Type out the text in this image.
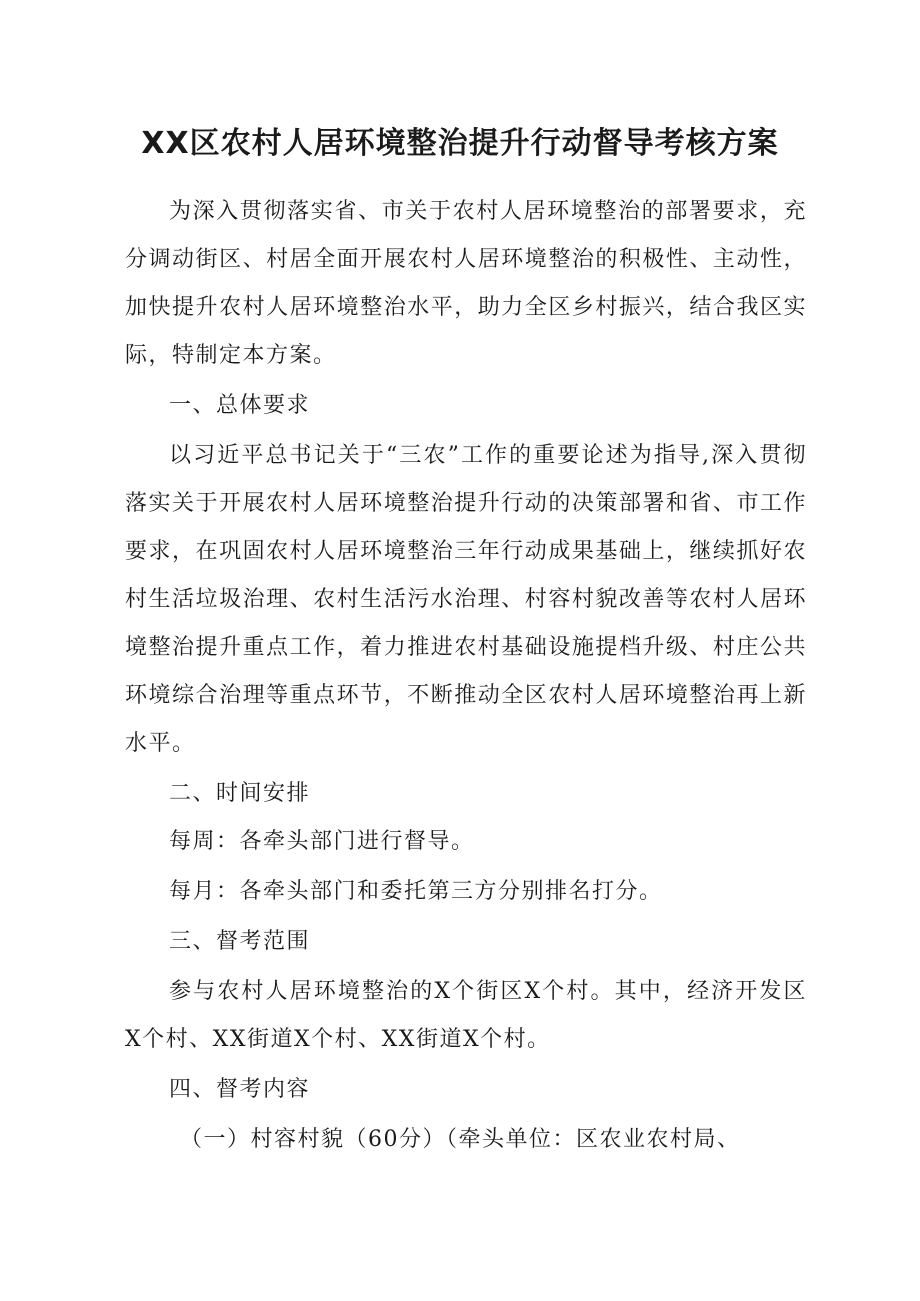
XX区农村人居环境整治提升行动督导考核方案

为深入贯彻落实省、市关于农村人居环境整治的部署要求，充分调动街区、村居全面开展农村人居环境整治的积极性、主动性，加快提升农村人居环境整治水平，助力全区乡村振兴，结合我区实际，特制定本方案。

一、总体要求

以习近平总书记关于“三农”工作的重要论述为指导,深入贯彻落实关于开展农村人居环境整治提升行动的决策部署和省、市工作要求，在巩固农村人居环境整治三年行动成果基础上，继续抓好农村生活垃圾治理、农村生活污水治理、村容村貌改善等农村人居环境整治提升重点工作，着力推进农村基础设施提档升级、村庄公共环境综合治理等重点环节，不断推动全区农村人居环境整治再上新水平。

二、时间安排

每周：各牵头部门进行督导。

每月：各牵头部门和委托第三方分别排名打分。

三、督考范围

参与农村人居环境整治的X个街区X个村。其中，经济开发区X个村、XX街道X个村、XX街道X个村。

四、督考内容

（一）村容村貌（60分）（牵头单位：区农业农村局、
